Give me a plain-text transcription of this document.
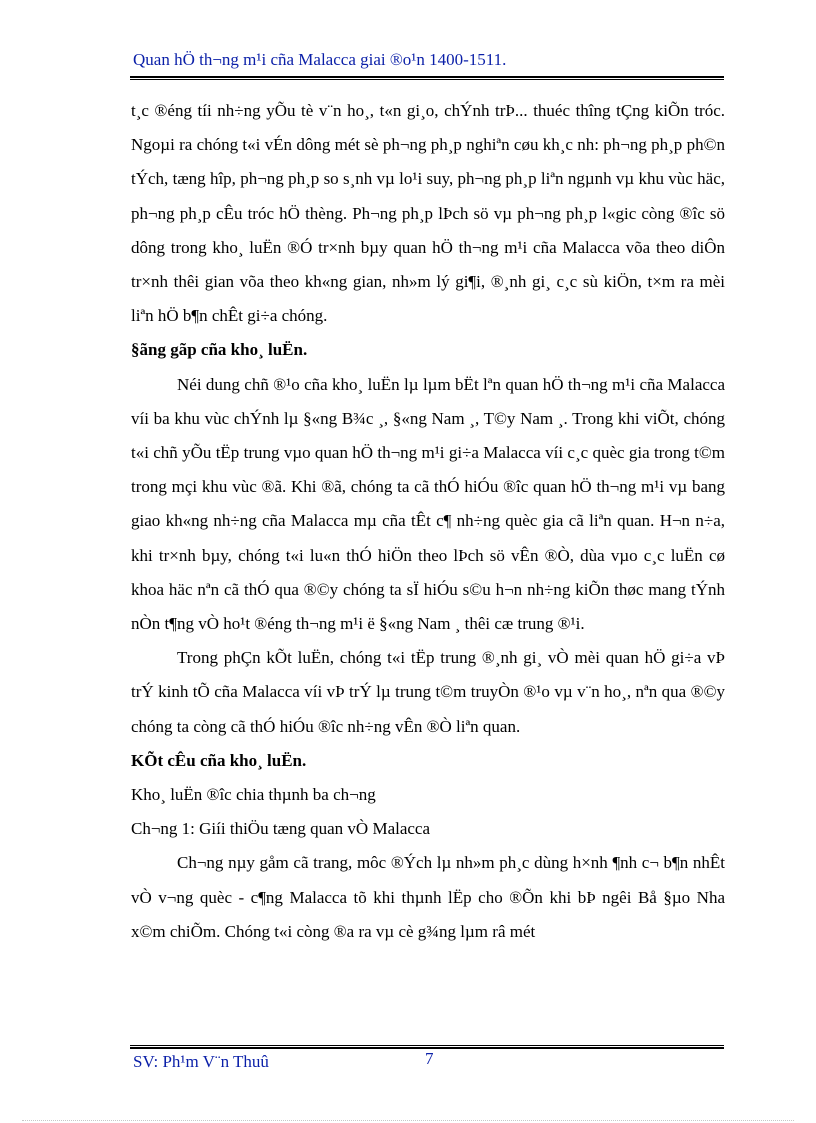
Quan hÖ th¬ng m¹i cña Malacca giai ®o¹n 1400-1511.

t¸c ®éng tíi nh÷ng yÕu tè v¨n ho¸, t«n gi¸o, chÝnh trÞ... thuéc thîng tÇng kiÕn tróc. Ngoµi ra chóng t«i vÉn dông mét sè ph¬ng ph¸p nghiªn cøu kh¸c nh: ph¬ng ph¸p ph©n tÝch, tæng hîp, ph¬ng ph¸p so s¸nh vµ lo¹i suy, ph¬ng ph¸p liªn ngµnh vµ khu vùc häc, ph¬ng ph¸p cÊu tróc hÖ thèng. Ph¬ng ph¸p lÞch sö vµ ph¬ng ph¸p l«gic còng ®îc sö dông trong kho¸ luËn ®Ó tr×nh bµy quan hÖ th¬ng m¹i cña Malacca võa theo diÔn tr×nh thêi gian võa theo kh«ng gian, nh»m lý gi¶i, ®¸nh gi¸ c¸c sù kiÖn, t×m ra mèi liªn hÖ b¶n chÊt gi÷a chóng.

§ãng gãp cña kho¸ luËn.

Néi dung chñ ®¹o cña kho¸ luËn lµ lµm bËt lªn quan hÖ th¬ng m¹i cña Malacca víi ba khu vùc chÝnh lµ §«ng B¾c ¸, §«ng Nam ¸, T©y Nam ¸. Trong khi viÕt, chóng t«i chñ yÕu tËp trung vµo quan hÖ th¬ng m¹i gi÷a Malacca víi c¸c quèc gia trong t©m trong mçi khu vùc ®ã. Khi ®ã, chóng ta cã thÓ hiÓu ®îc quan hÖ th¬ng m¹i vµ bang giao kh«ng nh÷ng cña Malacca mµ cña tÊt c¶ nh÷ng quèc gia cã liªn quan. H¬n n÷a, khi tr×nh bµy, chóng t«i lu«n thÓ hiÖn theo lÞch sö vÊn ®Ò, dùa vµo c¸c luËn cø khoa häc nªn cã thÓ qua ®©y chóng ta sÏ hiÓu s©u h¬n nh÷ng kiÕn thøc mang tÝnh nÒn t¶ng vÒ ho¹t ®éng th¬ng m¹i ë §«ng Nam ¸ thêi cæ trung ®¹i.

Trong phÇn kÕt luËn, chóng t«i tËp trung ®¸nh gi¸ vÒ mèi quan hÖ gi÷a vÞ trÝ kinh tÕ cña Malacca víi vÞ trÝ lµ trung t©m truyÒn ®¹o vµ v¨n ho¸, nªn qua ®©y chóng ta còng cã thÓ hiÓu ®îc nh÷ng vÊn ®Ò liªn quan.

KÕt cÊu cña kho¸ luËn.

Kho¸ luËn ®îc chia thµnh ba ch¬ng

Ch¬ng 1: Giíi thiÖu tæng quan vÒ Malacca

Ch¬ng nµy gåm cã trang, môc ®Ých lµ nh»m ph¸c dùng h×nh ¶nh c¬ b¶n nhÊt vÒ v¬ng quèc - c¶ng Malacca tõ khi thµnh lËp cho ®Õn khi bÞ ngêi Bå §µo Nha x©m chiÕm. Chóng t«i còng ®a ra vµ cè g¾ng lµm râ mét

SV: Ph¹m V¨n Thuû	7
